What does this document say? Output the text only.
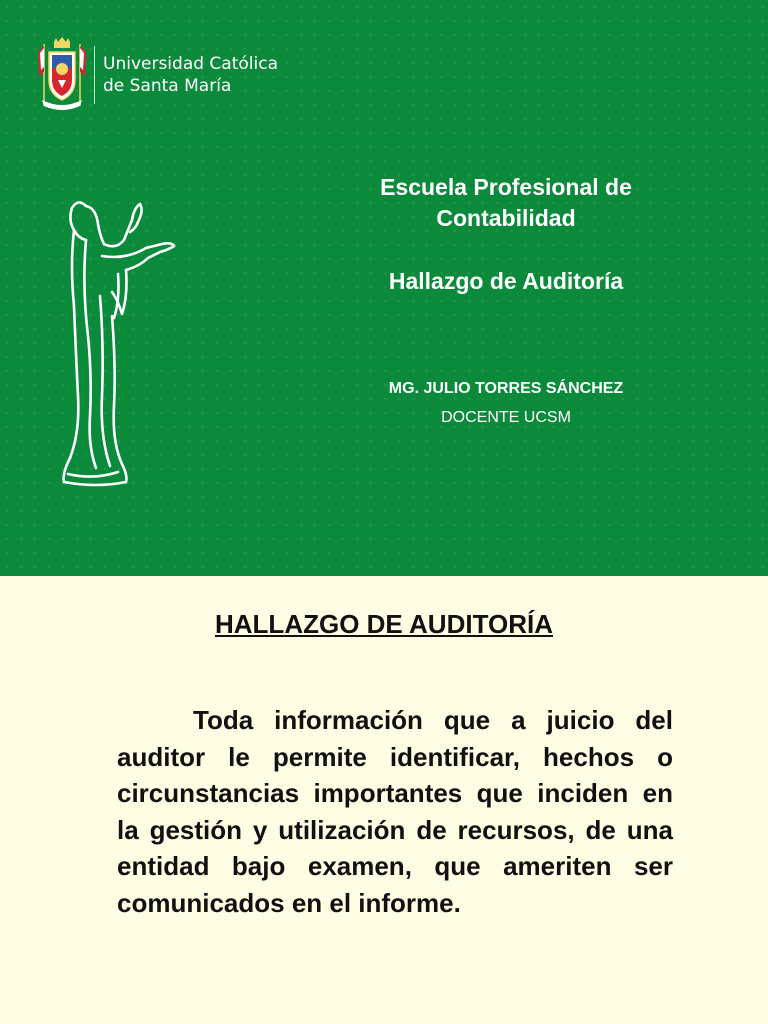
Universidad Católica
de Santa María
Escuela Profesional de
Contabilidad
Hallazgo de Auditoría
MG. JULIO TORRES SÁNCHEZ
DOCENTE UCSM
HALLAZGO DE AUDITORÍA

Toda información que a juicio del auditor le permite identificar, hechos o circunstancias importantes que inciden en la gestión y utilización de recursos, de una entidad bajo examen, que ameriten ser comunicados en el informe.
